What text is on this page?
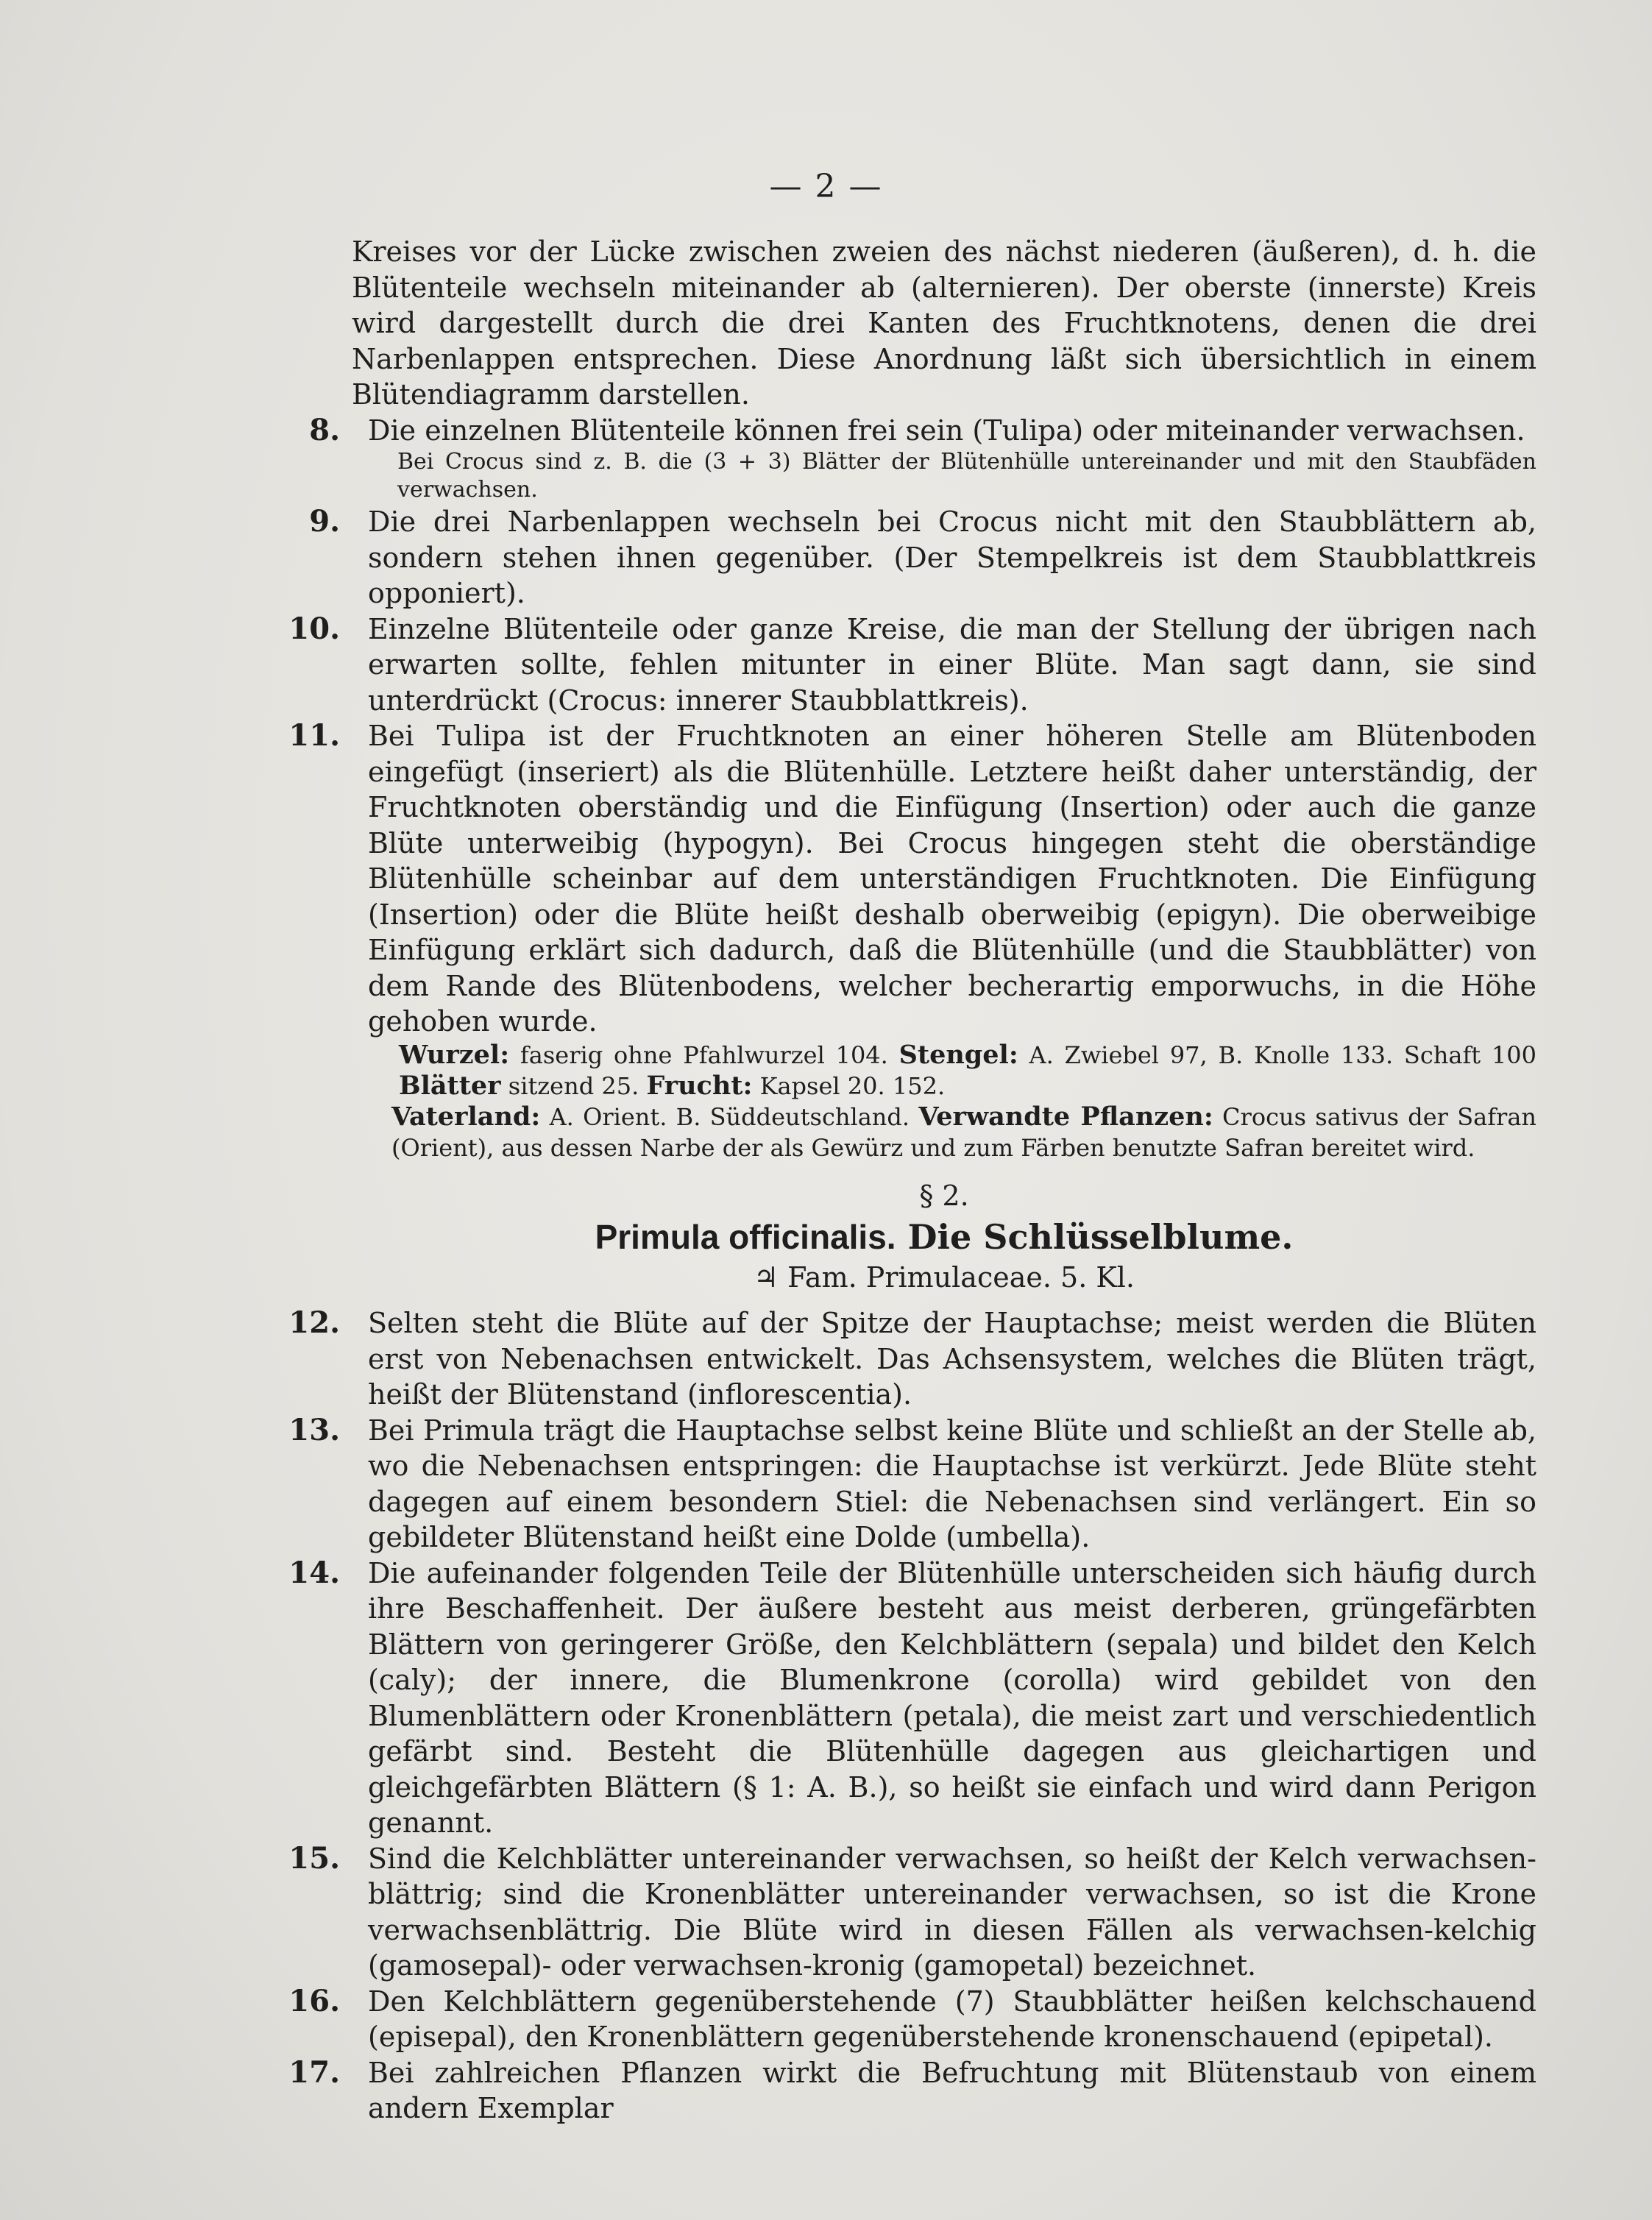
— 2 —

Kreises vor der Lücke zwischen zweien des nächst niederen (äußeren), d. h. die Blütenteile wechseln miteinander ab (alternieren). Der oberste (innerste) Kreis wird dargestellt durch die drei Kanten des Fruchtknotens, denen die drei Narbenlappen entsprechen. Diese Anordnung läßt sich übersichtlich in einem Blütendiagramm darstellen.

8.	Die einzelnen Blütenteile können frei sein (Tulipa) oder miteinander verwachsen.

Bei Crocus sind z. B. die (3 + 3) Blätter der Blütenhülle untereinander und mit den Staubfäden verwachsen.

9.	Die drei Narbenlappen wechseln bei Crocus nicht mit den Staubblättern ab, sondern stehen ihnen gegenüber. (Der Stempelkreis ist dem Staubblattkreis opponiert).

10.	Einzelne Blütenteile oder ganze Kreise, die man der Stellung der übrigen nach erwarten sollte, fehlen mitunter in einer Blüte. Man sagt dann, sie sind unterdrückt (Crocus: innerer Staubblattkreis).

11.	Bei Tulipa ist der Fruchtknoten an einer höheren Stelle am Blütenboden eingefügt (inseriert) als die Blütenhülle. Letztere heißt daher unterständig, der Fruchtknoten oberständig und die Einfügung (Insertion) oder auch die ganze Blüte unterweibig (hypogyn). Bei Crocus hingegen steht die oberständige Blütenhülle scheinbar auf dem unterständigen Fruchtknoten. Die Einfügung (Insertion) oder die Blüte heißt deshalb oberweibig (epigyn). Die oberweibige Einfügung erklärt sich dadurch, daß die Blütenhülle (und die Staubblätter) von dem Rande des Blütenbodens, welcher becherartig emporwuchs, in die Höhe gehoben wurde.

Wurzel: faserig ohne Pfahlwurzel 104. Stengel: A. Zwiebel 97, B. Knolle 133. Schaft 100 Blätter sitzend 25. Frucht: Kapsel 20. 152.

Vaterland: A. Orient. B. Süddeutschland. Verwandte Pflanzen: Crocus sativus der Safran (Orient), aus dessen Narbe der als Gewürz und zum Färben benutzte Safran bereitet wird.

§ 2.
Primula officinalis. Die Schlüsselblume.
♃ Fam. Primulaceae. 5. Kl.
12.	Selten steht die Blüte auf der Spitze der Hauptachse; meist werden die Blüten erst von Nebenachsen entwickelt. Das Achsensystem, welches die Blüten trägt, heißt der Blütenstand (inflorescentia).

13.	Bei Primula trägt die Hauptachse selbst keine Blüte und schließt an der Stelle ab, wo die Nebenachsen entspringen: die Hauptachse ist verkürzt. Jede Blüte steht dagegen auf einem besondern Stiel: die Nebenachsen sind verlängert. Ein so gebildeter Blütenstand heißt eine Dolde (umbella).

14.	Die aufeinander folgenden Teile der Blütenhülle unterscheiden sich häufig durch ihre Beschaffenheit. Der äußere besteht aus meist derberen, grüngefärbten Blättern von geringerer Größe, den Kelchblättern (sepala) und bildet den Kelch (caly); der innere, die Blumenkrone (corolla) wird gebildet von den Blumenblättern oder Kronenblättern (petala), die meist zart und verschiedentlich gefärbt sind. Besteht die Blütenhülle dagegen aus gleichartigen und gleichgefärbten Blättern (§ 1: A. B.), so heißt sie einfach und wird dann Perigon genannt.

15.	Sind die Kelchblätter untereinander verwachsen, so heißt der Kelch verwachsen-blättrig; sind die Kronenblätter untereinander verwachsen, so ist die Krone verwachsenblättrig. Die Blüte wird in diesen Fällen als verwachsen-kelchig (gamosepal)- oder verwachsen-kronig (gamopetal) bezeichnet.

16.	Den Kelchblättern gegenüberstehende (7) Staubblätter heißen kelchschauend (episepal), den Kronenblättern gegenüberstehende kronenschauend (epipetal).

17.	Bei zahlreichen Pflanzen wirkt die Befruchtung mit Blütenstaub von einem andern Exemplar
